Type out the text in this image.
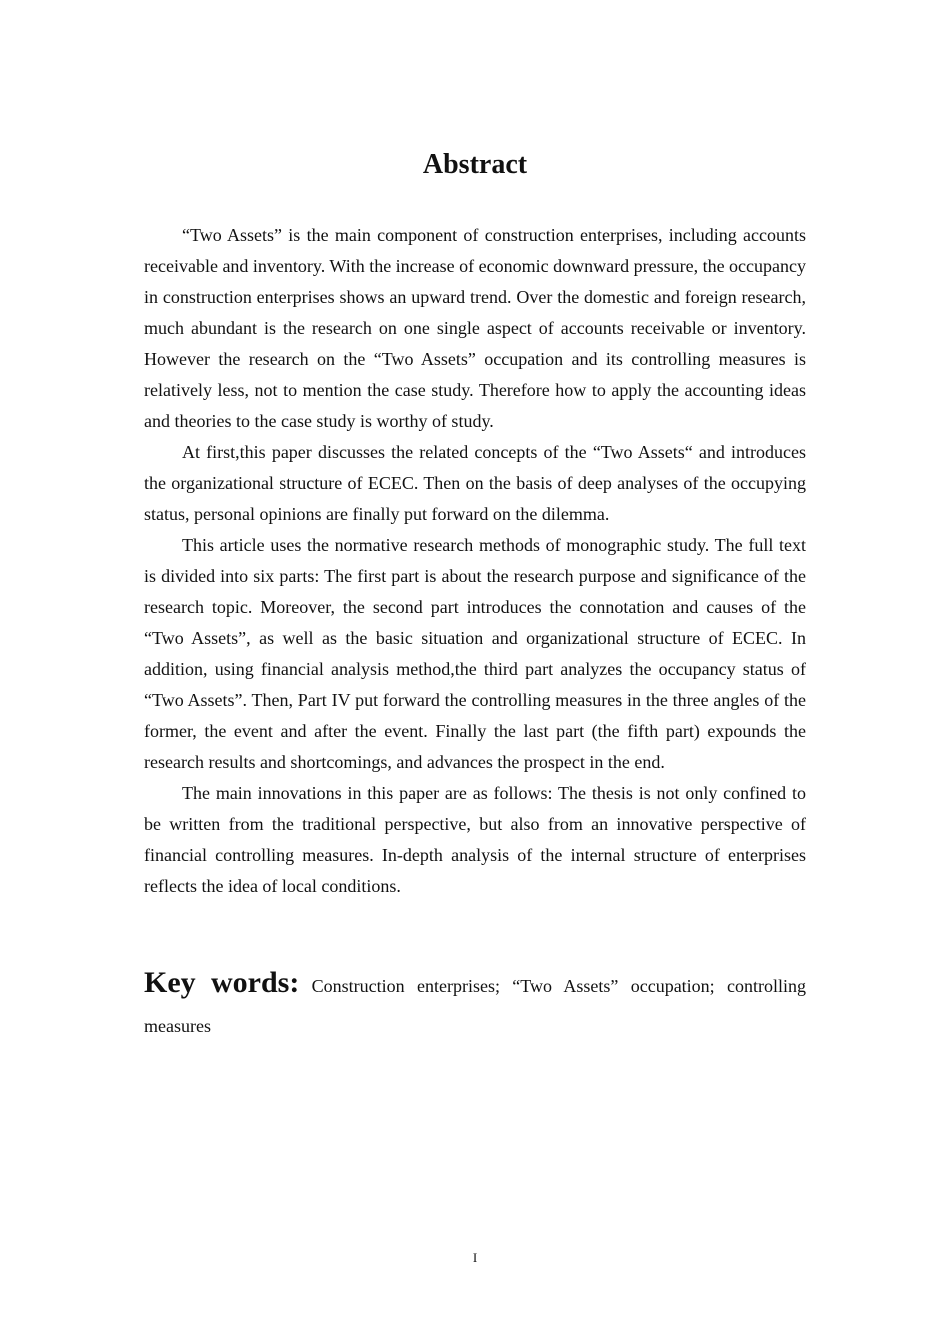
Abstract

“Two Assets” is the main component of construction enterprises, including accounts receivable and inventory. With the increase of economic downward pressure, the occupancy in construction enterprises shows an upward trend. Over the domestic and foreign research, much abundant is the research on one single aspect of accounts receivable or inventory. However the research on the “Two Assets” occupation and its controlling measures is relatively less, not to mention the case study. Therefore how to apply the accounting ideas and theories to the case study is worthy of study.

At first,this paper discusses the related concepts of the “Two Assets“ and introduces the organizational structure of ECEC. Then on the basis of deep analyses of the occupying status, personal opinions are finally put forward on the dilemma.

This article uses the normative research methods of monographic study. The full text is divided into six parts: The first part is about the research purpose and significance of the research topic. Moreover, the second part introduces the connotation and causes of the “Two Assets”, as well as the basic situation and organizational structure of ECEC. In addition, using financial analysis method,the third part analyzes the occupancy status of “Two Assets”. Then, Part IV put forward the controlling measures in the three angles of the former, the event and after the event. Finally the last part (the fifth part) expounds the research results and shortcomings, and advances the prospect in the end.

The main innovations in this paper are as follows: The thesis is not only confined to be written from the traditional perspective, but also from an innovative perspective of financial controlling measures. In-depth analysis of the internal structure of enterprises reflects the idea of local conditions.

Key words: Construction enterprises; “Two Assets” occupation; controlling measures

I
